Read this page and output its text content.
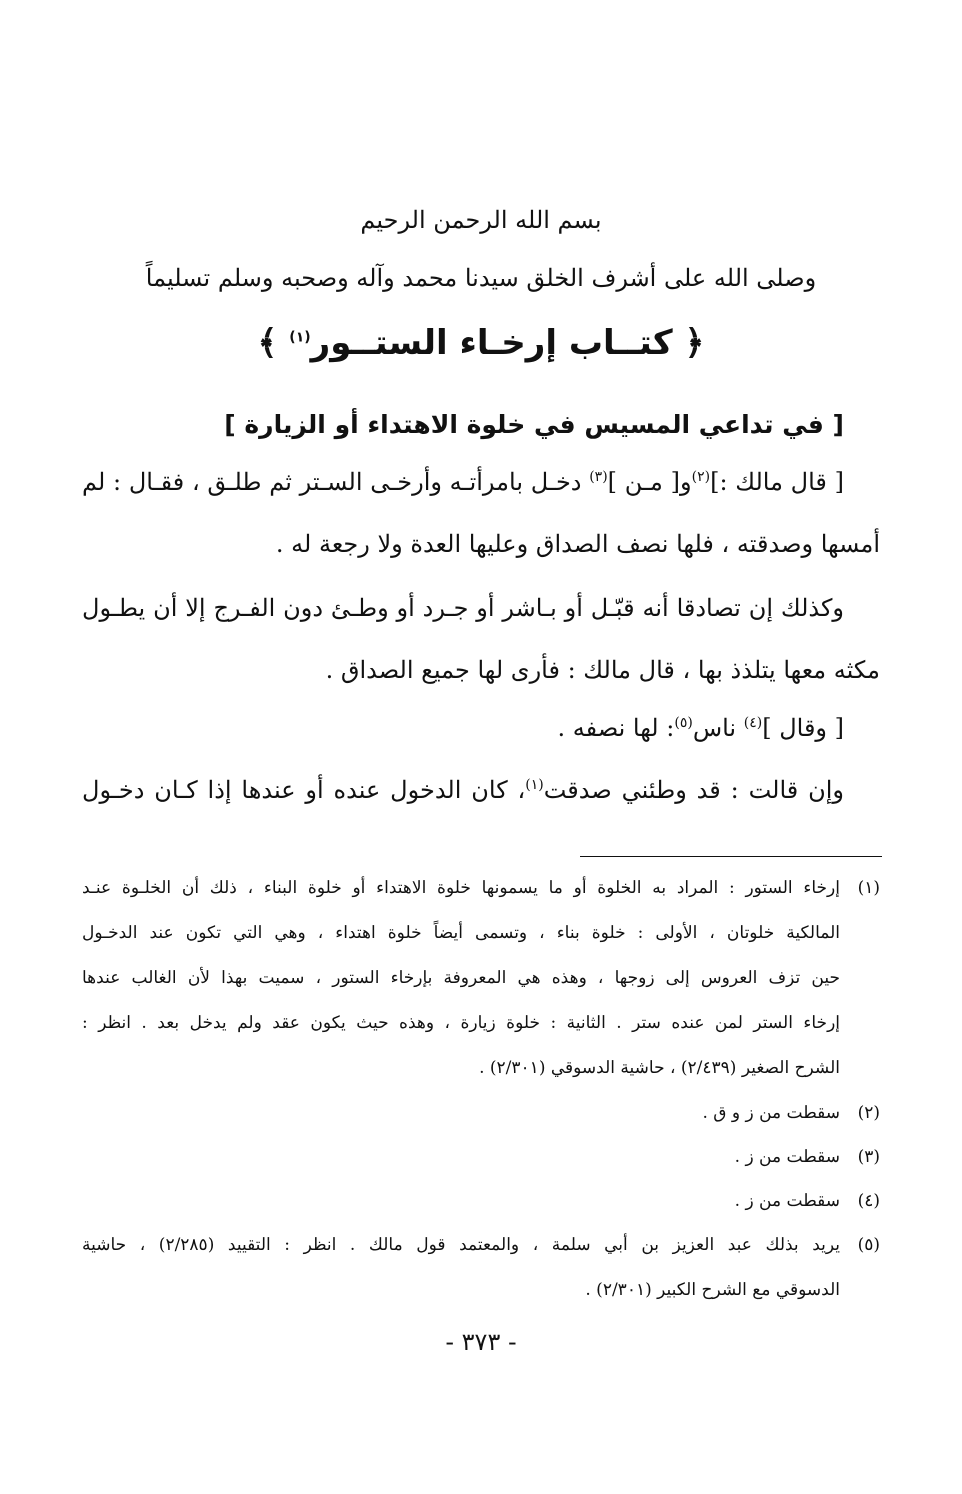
بسم الله الرحمن الرحيم
وصلى الله على أشرف الخلق سيدنا محمد وآله وصحبه وسلم تسليماً
﴿ كتــاب إرخـاء الستــور$^{(١)}$ ﴾
[ في تداعي المسيس في خلوة الاهتداء أو الزيارة ]
[ قال مالك :]$^{(٢)}$و[ مـن ]$^{(٣)}$ دخـل بامرأتـه وأرخـى السـتر ثم طلـق ، فقـال : لم
أمسها وصدقته ، فلها نصف الصداق وعليها العدة ولا رجعة له .
وكذلك إن تصادقا أنه قبّـل أو بـاشر أو جـرد أو وطـئ دون الفـرج إلا أن يطـول
مكثه معها يتلذذ بها ، قال مالك : فأرى لها جميع الصداق .
[ وقال ]$^{(٤)}$ ناس$^{(٥)}$: لها نصفه .
وإن قالت : قد وطئني صدقت$^{(١)}$، كان الدخول عنده أو عندها إذا كـان دخـول
(١)
إرخاء الستور : المراد به الخلوة أو ما يسمونها خلوة الاهتداء أو خلوة البناء ، ذلك أن الخلـوة عنـد
المالكية خلوتان ، الأولى : خلوة بناء ، وتسمى أيضاً خلوة اهتداء ، وهي التي تكون عند الدخـول
حين تزف العروس إلى زوجها ، وهذه هي المعروفة بإرخاء الستور ، سميت بهذا لأن الغالب عندها
إرخاء الستر لمن عنده ستر . الثانية : خلوة زيارة ، وهذه حيث يكون عقد ولم يدخل بعد . انظر :
الشرح الصغير (٢/٤٣٩) ، حاشية الدسوقي (٢/٣٠١) .
(٢)
سقطت من ز و ق .
(٣)
سقطت من ز .
(٤)
سقطت من ز .
(٥)
يريد بذلك عبد العزيز بن أبي سلمة ، والمعتمد قول مالك . انظر : التقييد (٢/٢٨٥) ، حاشية
الدسوقي مع الشرح الكبير (٢/٣٠١) .
- ٣٧٣ -
